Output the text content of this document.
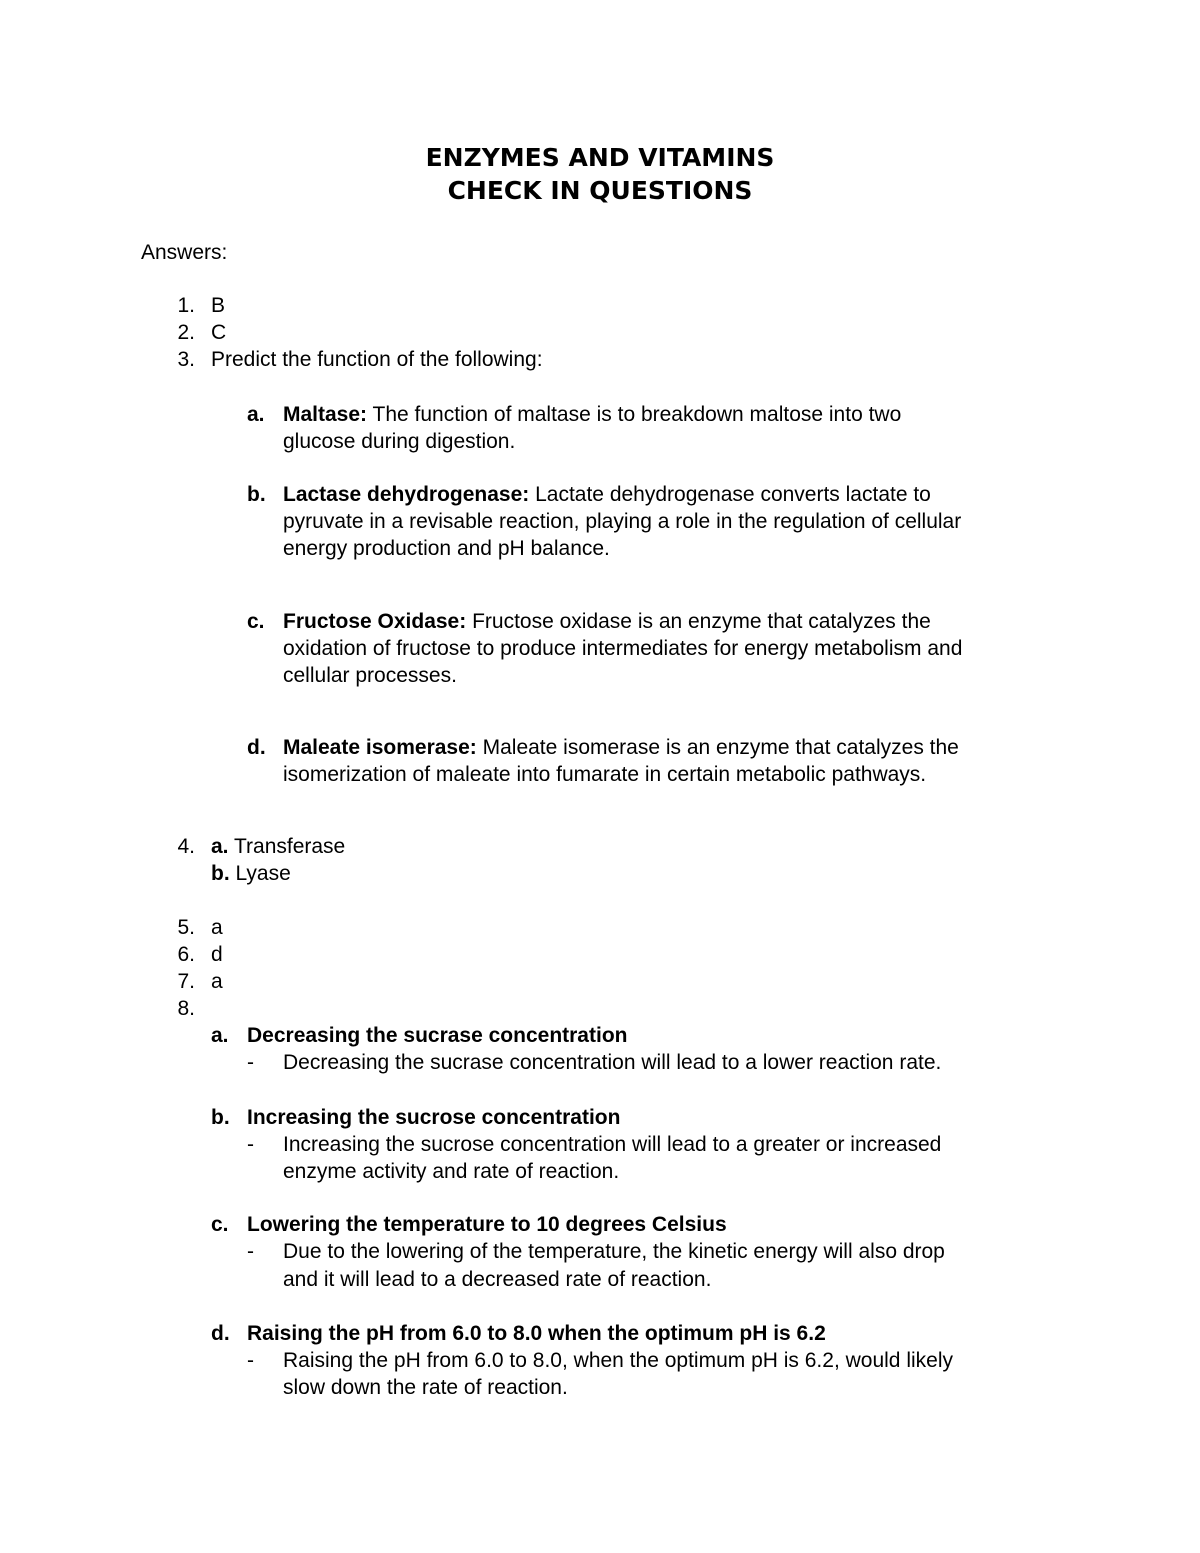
ENZYMES AND VITAMINS
CHECK IN QUESTIONS
Answers:
1. B
2. C
3. Predict the function of the following:
a. Maltase: The function of maltase is to breakdown maltose into two
glucose during digestion.
b. Lactase dehydrogenase: Lactate dehydrogenase converts lactate to
pyruvate in a revisable reaction, playing a role in the regulation of cellular
energy production and pH balance.
c. Fructose Oxidase: Fructose oxidase is an enzyme that catalyzes the
oxidation of fructose to produce intermediates for energy metabolism and
cellular processes.
d. Maleate isomerase: Maleate isomerase is an enzyme that catalyzes the
isomerization of maleate into fumarate in certain metabolic pathways.
4. a. Transferase
b. Lyase
5. a
6. d
7. a
8.
a. Decreasing the sucrase concentration
- Decreasing the sucrase concentration will lead to a lower reaction rate.
b. Increasing the sucrose concentration
- Increasing the sucrose concentration will lead to a greater or increased
enzyme activity and rate of reaction.
c. Lowering the temperature to 10 degrees Celsius
- Due to the lowering of the temperature, the kinetic energy will also drop
and it will lead to a decreased rate of reaction.
d. Raising the pH from 6.0 to 8.0 when the optimum pH is 6.2
- Raising the pH from 6.0 to 8.0, when the optimum pH is 6.2, would likely
slow down the rate of reaction.
